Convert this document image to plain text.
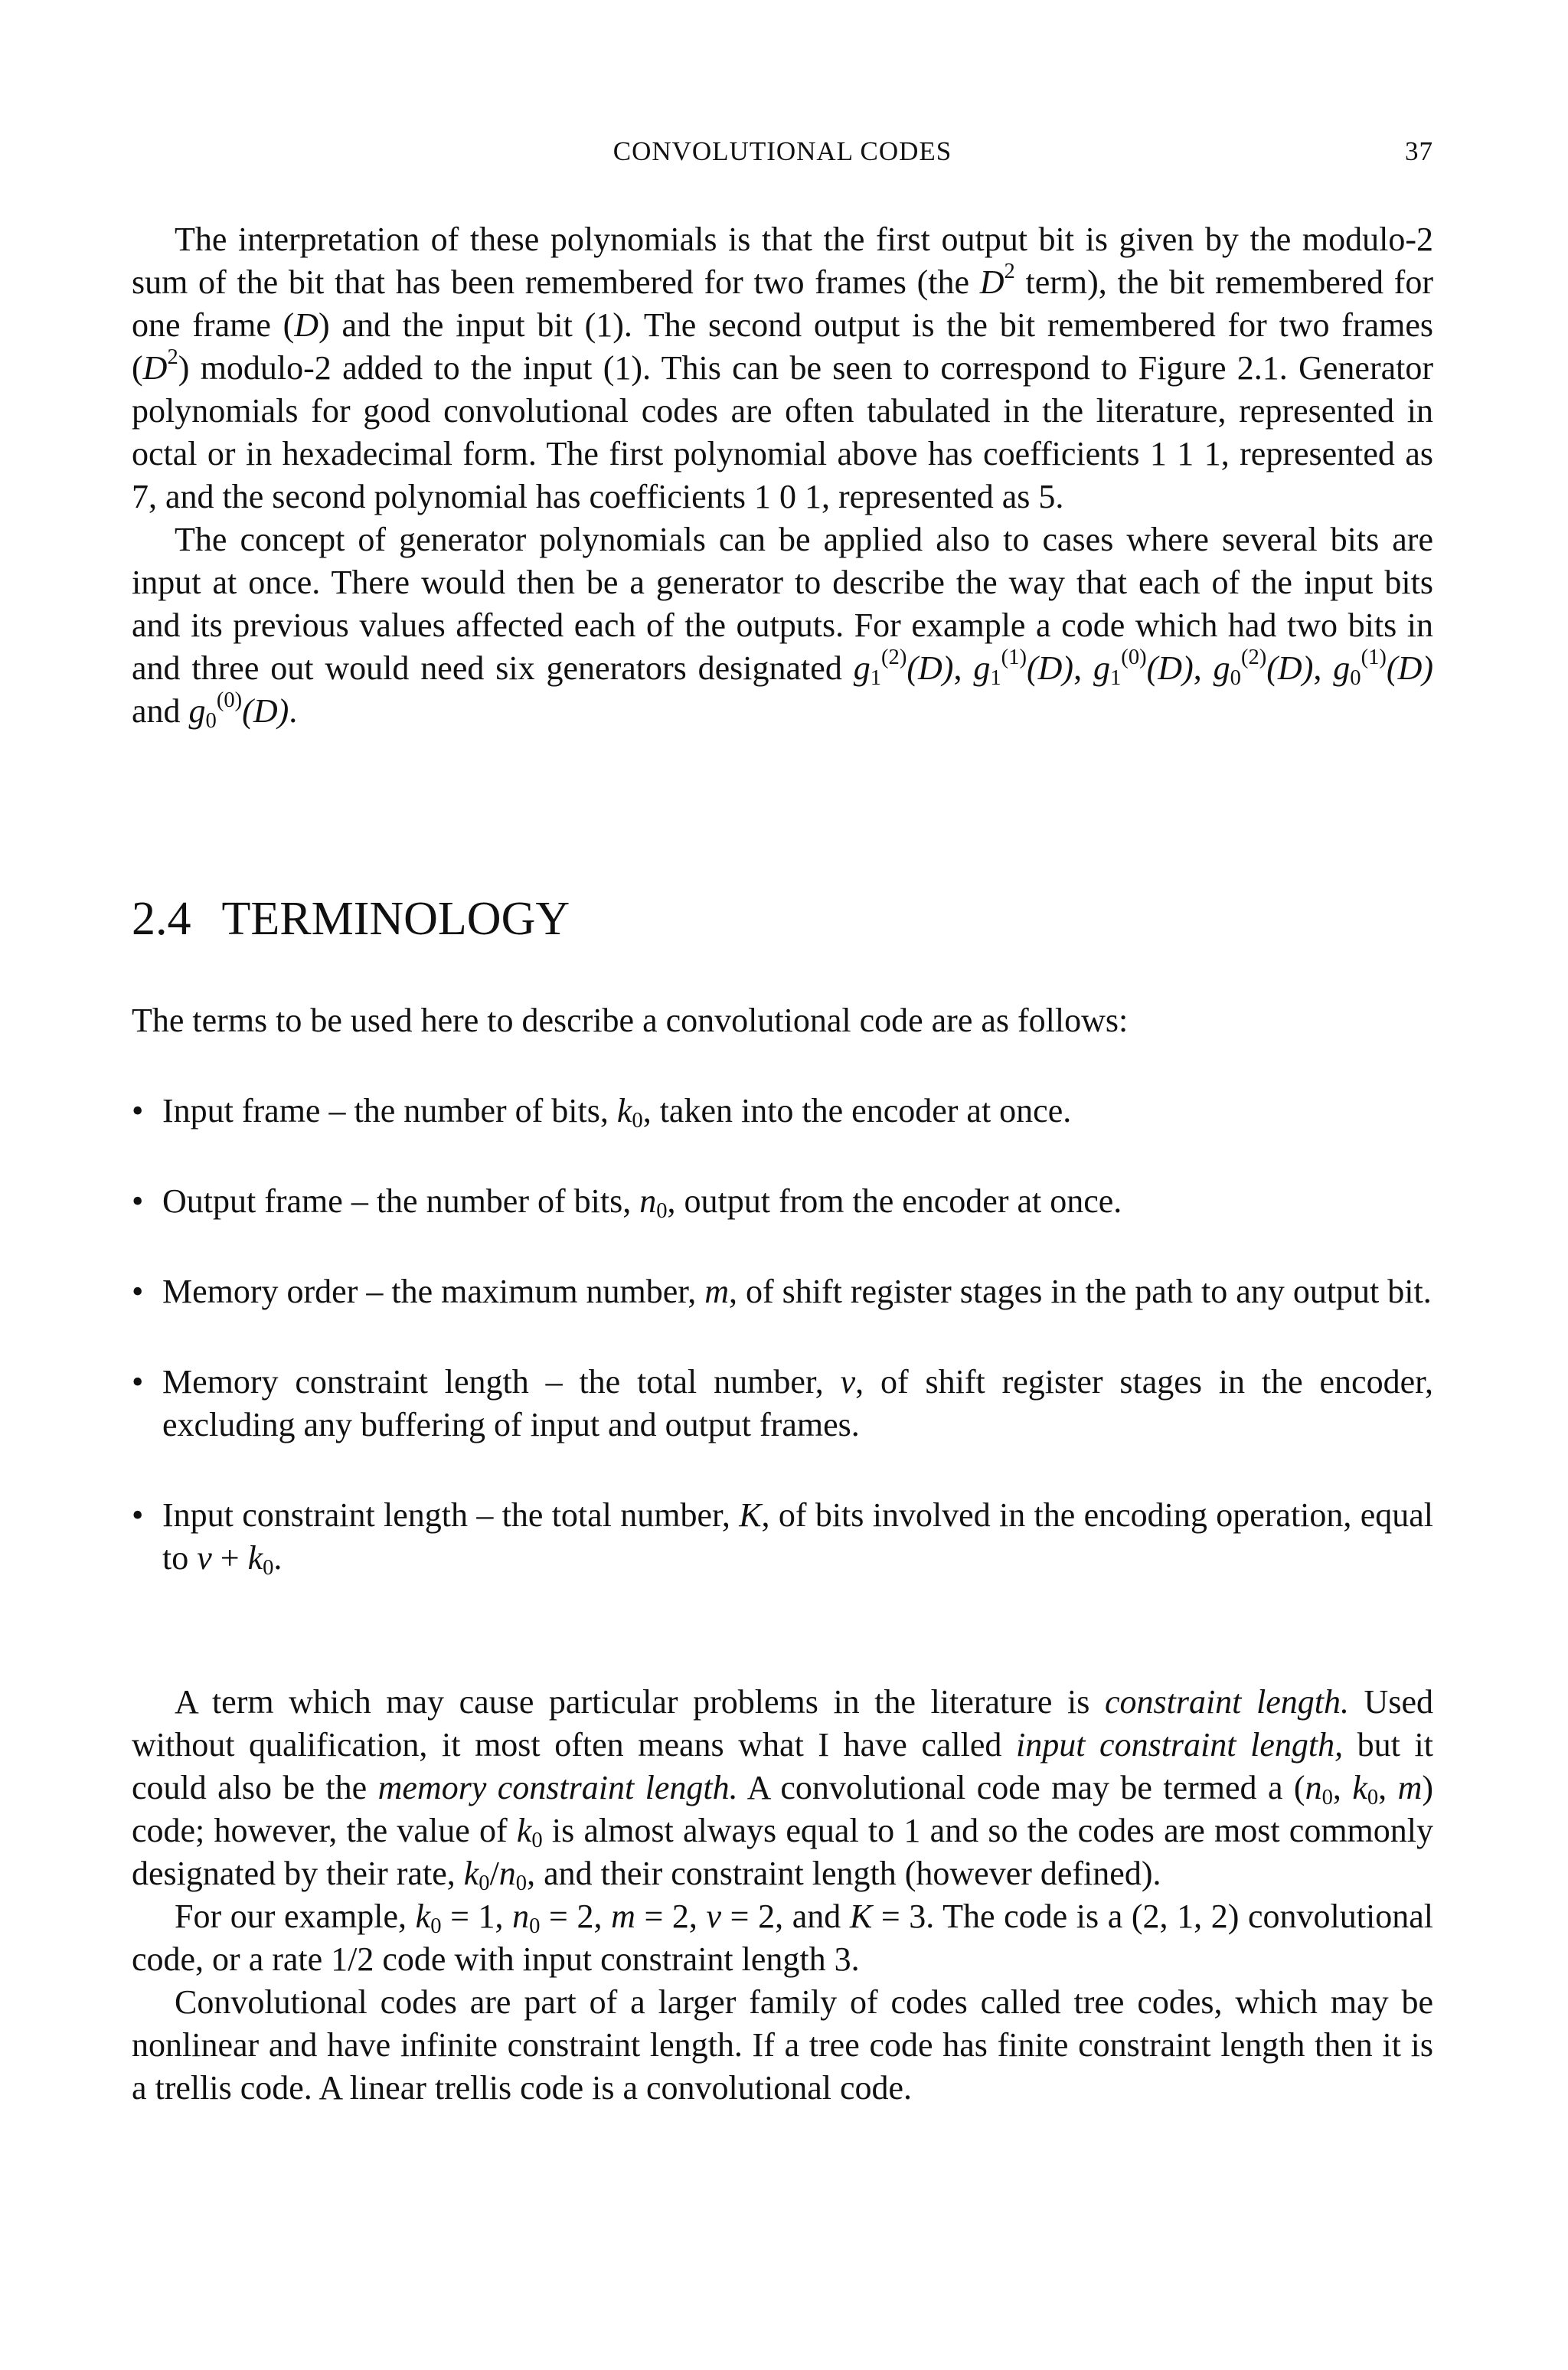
CONVOLUTIONAL CODES	37

The interpretation of these polynomials is that the first output bit is given by the modulo-2 sum of the bit that has been remembered for two frames (the $D^2$ term), the bit remembered for one frame (D) and the input bit (1). The second output is the bit remembered for two frames $(D^2)$ modulo-2 added to the input (1). This can be seen to correspond to Figure 2.1. Generator polynomials for good convolutional codes are often tabulated in the literature, represented in octal or in hexadecimal form. The first polynomial above has coefficients 1 1 1, represented as 7, and the second polynomial has coefficients 1 0 1, represented as 5.

The concept of generator polynomials can be applied also to cases where several bits are input at once. There would then be a generator to describe the way that each of the input bits and its previous values affected each of the outputs. For example a code which had two bits in and three out would need six generators designated $g_1^{(2)}(D)$, $g_1^{(1)}(D)$, $g_1^{(0)}(D)$, $g_0^{(2)}(D)$, $g_0^{(1)}(D)$ and $g_0^{(0)}(D)$.

2.4 TERMINOLOGY

The terms to be used here to describe a convolutional code are as follows:

• Input frame – the number of bits, $k_0$, taken into the encoder at once.
• Output frame – the number of bits, $n_0$, output from the encoder at once.
• Memory order – the maximum number, m, of shift register stages in the path to any output bit.
• Memory constraint length – the total number, v, of shift register stages in the encoder, excluding any buffering of input and output frames.
• Input constraint length – the total number, K, of bits involved in the encoding operation, equal to $v + k_0$.

A term which may cause particular problems in the literature is constraint length. Used without qualification, it most often means what I have called input constraint length, but it could also be the memory constraint length. A convolutional code may be termed a ($n_0$, $k_0$, m) code; however, the value of $k_0$ is almost always equal to 1 and so the codes are most commonly designated by their rate, $k_0/n_0$, and their constraint length (however defined).

For our example, $k_0 = 1$, $n_0 = 2$, m = 2, v = 2, and K = 3. The code is a (2, 1, 2) convolutional code, or a rate 1/2 code with input constraint length 3.

Convolutional codes are part of a larger family of codes called tree codes, which may be nonlinear and have infinite constraint length. If a tree code has finite constraint length then it is a trellis code. A linear trellis code is a convolutional code.
